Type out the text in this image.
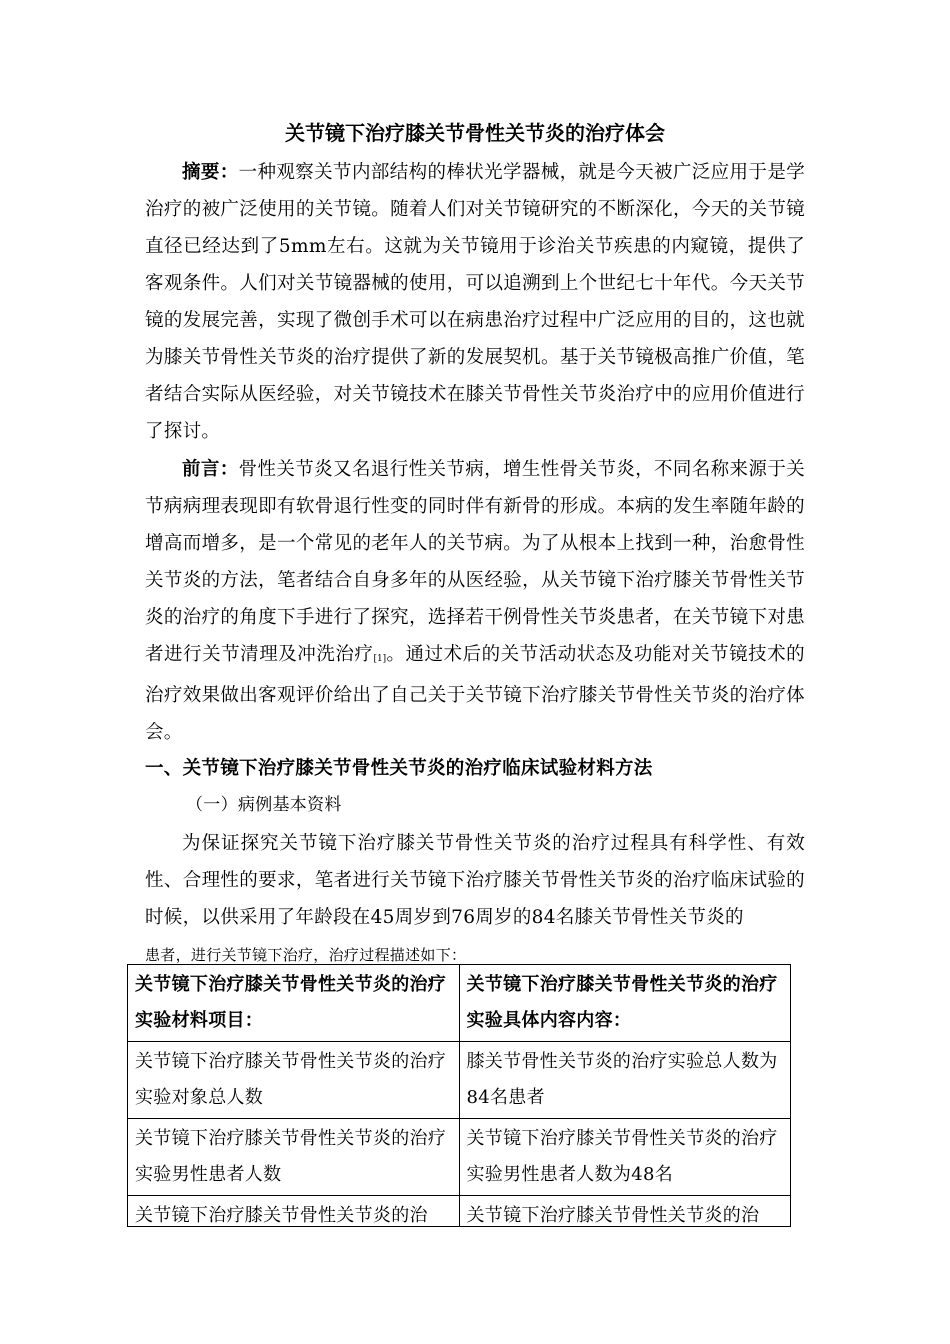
关节镜下治疗膝关节骨性关节炎的治疗体会

摘要：一种观察关节内部结构的棒状光学器械，就是今天被广泛应用于是学治疗的被广泛使用的关节镜。随着人们对关节镜研究的不断深化，今天的关节镜直径已经达到了5mm左右。这就为关节镜用于诊治关节疾患的内窥镜，提供了客观条件。人们对关节镜器械的使用，可以追溯到上个世纪七十年代。今天关节镜的发展完善，实现了微创手术可以在病患治疗过程中广泛应用的目的，这也就为膝关节骨性关节炎的治疗提供了新的发展契机。基于关节镜极高推广价值，笔者结合实际从医经验，对关节镜技术在膝关节骨性关节炎治疗中的应用价值进行了探讨。

前言：骨性关节炎又名退行性关节病，增生性骨关节炎，不同名称来源于关节病病理表现即有软骨退行性变的同时伴有新骨的形成。本病的发生率随年龄的增高而增多，是一个常见的老年人的关节病。为了从根本上找到一种，治愈骨性关节炎的方法，笔者结合自身多年的从医经验，从关节镜下治疗膝关节骨性关节炎的治疗的角度下手进行了探究，选择若干例骨性关节炎患者，在关节镜下对患者进行关节清理及冲洗治疗[1]。通过术后的关节活动状态及功能对关节镜技术的治疗效果做出客观评价给出了自己关于关节镜下治疗膝关节骨性关节炎的治疗体会。

一、关节镜下治疗膝关节骨性关节炎的治疗临床试验材料方法

（一）病例基本资料

为保证探究关节镜下治疗膝关节骨性关节炎的治疗过程具有科学性、有效性、合理性的要求，笔者进行关节镜下治疗膝关节骨性关节炎的治疗临床试验的时候，以供采用了年龄段在45周岁到76周岁的84名膝关节骨性关节炎的
患者，进行关节镜下治疗，治疗过程描述如下：

关节镜下治疗膝关节骨性关节炎的治疗实验材料项目：	关节镜下治疗膝关节骨性关节炎的治疗实验具体内容内容：
关节镜下治疗膝关节骨性关节炎的治疗实验对象总人数	膝关节骨性关节炎的治疗实验总人数为84名患者
关节镜下治疗膝关节骨性关节炎的治疗实验男性患者人数	关节镜下治疗膝关节骨性关节炎的治疗实验男性患者人数为48名

关节镜下治疗膝关节骨性关节炎的治	关节镜下治疗膝关节骨性关节炎的治
